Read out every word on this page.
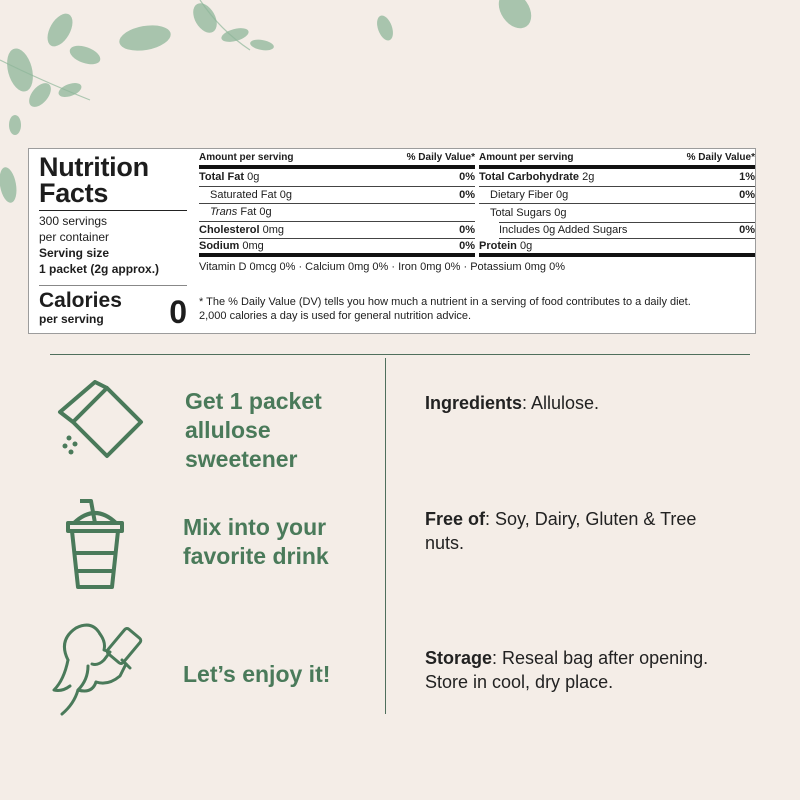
Nutrition
Facts
300 servings
per container
Serving size
1 packet (2g approx.)
Calories
per serving	0
Amount per serving	% Daily Value*
Total Fat 0g	0%
Saturated Fat 0g	0%
Trans Fat 0g
Cholesterol 0mg	0%
Sodium 0mg	0%
Amount per serving	% Daily Value*
Total Carbohydrate 2g	1%
Dietary Fiber 0g	0%
Total Sugars 0g
Includes 0g Added Sugars	0%
Protein 0g
Vitamin D 0mcg 0% · Calcium 0mg 0% · Iron 0mg 0% · Potassium 0mg 0%
* The % Daily Value (DV) tells you how much a nutrient in a serving of food contributes to a daily diet.
2,000 calories a day is used for general nutrition advice.
Get 1 packet
allulose
sweetener
Mix into your
favorite drink
Let’s enjoy it!
Ingredients: Allulose.
Free of: Soy, Dairy, Gluten & Tree
nuts.
Storage: Reseal bag after opening.
Store in cool, dry place.
